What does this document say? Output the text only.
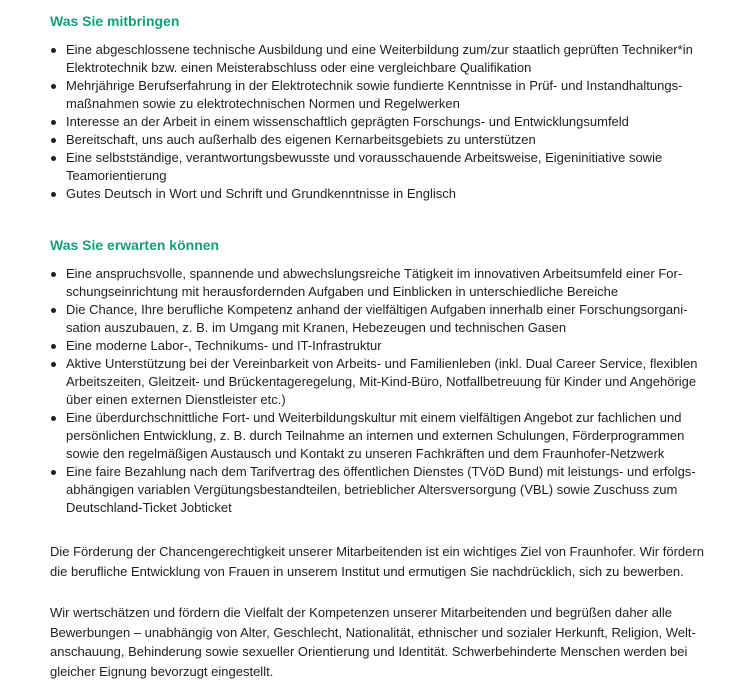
Was Sie mitbringen
Eine abgeschlossene technische Ausbildung und eine Weiterbildung zum/zur staatlich geprüften Techniker*in Elektrotechnik bzw. einen Meisterabschluss oder eine vergleichbare Qualifikation
Mehrjährige Berufserfahrung in der Elektrotechnik sowie fundierte Kenntnisse in Prüf- und Instandhaltungsmaßnahmen sowie zu elektrotechnischen Normen und Regelwerken
Interesse an der Arbeit in einem wissenschaftlich geprägten Forschungs- und Entwicklungsumfeld
Bereitschaft, uns auch außerhalb des eigenen Kernarbeitsgebiets zu unterstützen
Eine selbstständige, verantwortungsbewusste und vorausschauende Arbeitsweise, Eigeninitiative sowie Teamorientierung
Gutes Deutsch in Wort und Schrift und Grundkenntnisse in Englisch
Was Sie erwarten können
Eine anspruchsvolle, spannende und abwechslungsreiche Tätigkeit im innovativen Arbeitsumfeld einer Forschungseinrichtung mit herausfordernden Aufgaben und Einblicken in unterschiedliche Bereiche
Die Chance, Ihre berufliche Kompetenz anhand der vielfältigen Aufgaben innerhalb einer Forschungsorganisation auszubauen, z. B. im Umgang mit Kranen, Hebezeugen und technischen Gasen
Eine moderne Labor-, Technikums- und IT-Infrastruktur
Aktive Unterstützung bei der Vereinbarkeit von Arbeits- und Familienleben (inkl. Dual Career Service, flexiblen Arbeitszeiten, Gleitzeit- und Brückentageregelung, Mit-Kind-Büro, Notfallbetreuung für Kinder und Angehörige über einen externen Dienstleister etc.)
Eine überdurchschnittliche Fort- und Weiterbildungskultur mit einem vielfältigen Angebot zur fachlichen und persönlichen Entwicklung, z. B. durch Teilnahme an internen und externen Schulungen, Förderprogrammen sowie den regelmäßigen Austausch und Kontakt zu unseren Fachkräften und dem Fraunhofer-Netzwerk
Eine faire Bezahlung nach dem Tarifvertrag des öffentlichen Dienstes (TVöD Bund) mit leistungs- und erfolgsabhängigen variablen Vergütungsbestandteilen, betrieblicher Altersversorgung (VBL) sowie Zuschuss zum Deutschland-Ticket Jobticket

Die Förderung der Chancengerechtigkeit unserer Mitarbeitenden ist ein wichtiges Ziel von Fraunhofer. Wir fördern die berufliche Entwicklung von Frauen in unserem Institut und ermutigen Sie nachdrücklich, sich zu bewerben.

Wir wertschätzen und fördern die Vielfalt der Kompetenzen unserer Mitarbeitenden und begrüßen daher alle Bewerbungen – unabhängig von Alter, Geschlecht, Nationalität, ethnischer und sozialer Herkunft, Religion, Weltanschauung, Behinderung sowie sexueller Orientierung und Identität. Schwerbehinderte Menschen werden bei gleicher Eignung bevorzugt eingestellt.
